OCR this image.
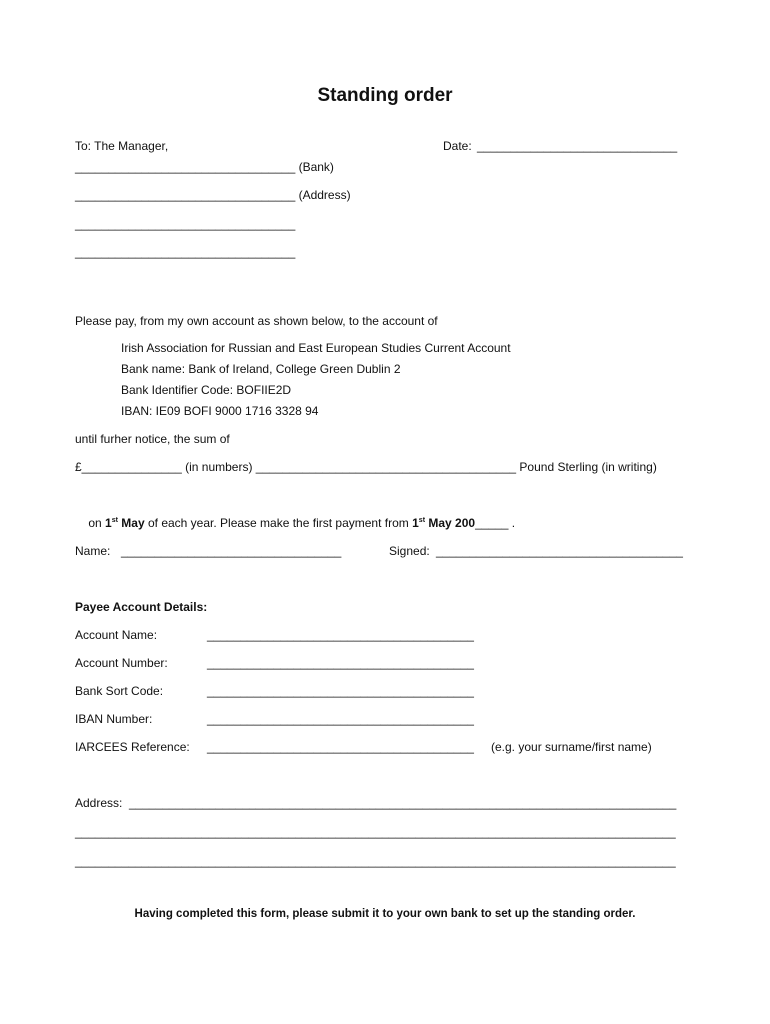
Standing order
To: The Manager,	Date: ______________________________
_________________________________ (Bank)
_________________________________ (Address)
_________________________________
_________________________________
Please pay, from my own account as shown below, to the account of
Irish Association for Russian and East European Studies Current Account
Bank name: Bank of Ireland, College Green Dublin 2
Bank Identifier Code: BOFIIE2D
IBAN: IE09 BOFI 9000 1716 3328 94
until furher notice, the sum of
£_______________ (in numbers) _______________________________________ Pound Sterling (in writing)

on 1st May of each year. Please make the first payment from 1st May 200_____ .

Name: _________________________________	Signed: _____________________________________
Payee Account Details:
Account Name:	________________________________________
Account Number:	________________________________________
Bank Sort Code:	________________________________________
IBAN Number:	________________________________________
IARCEES Reference: ________________________________________ (e.g. your surname/first name)
Address: __________________________________________________________________________________
__________________________________________________________________________________________
__________________________________________________________________________________________
Having completed this form, please submit it to your own bank to set up the standing order.
